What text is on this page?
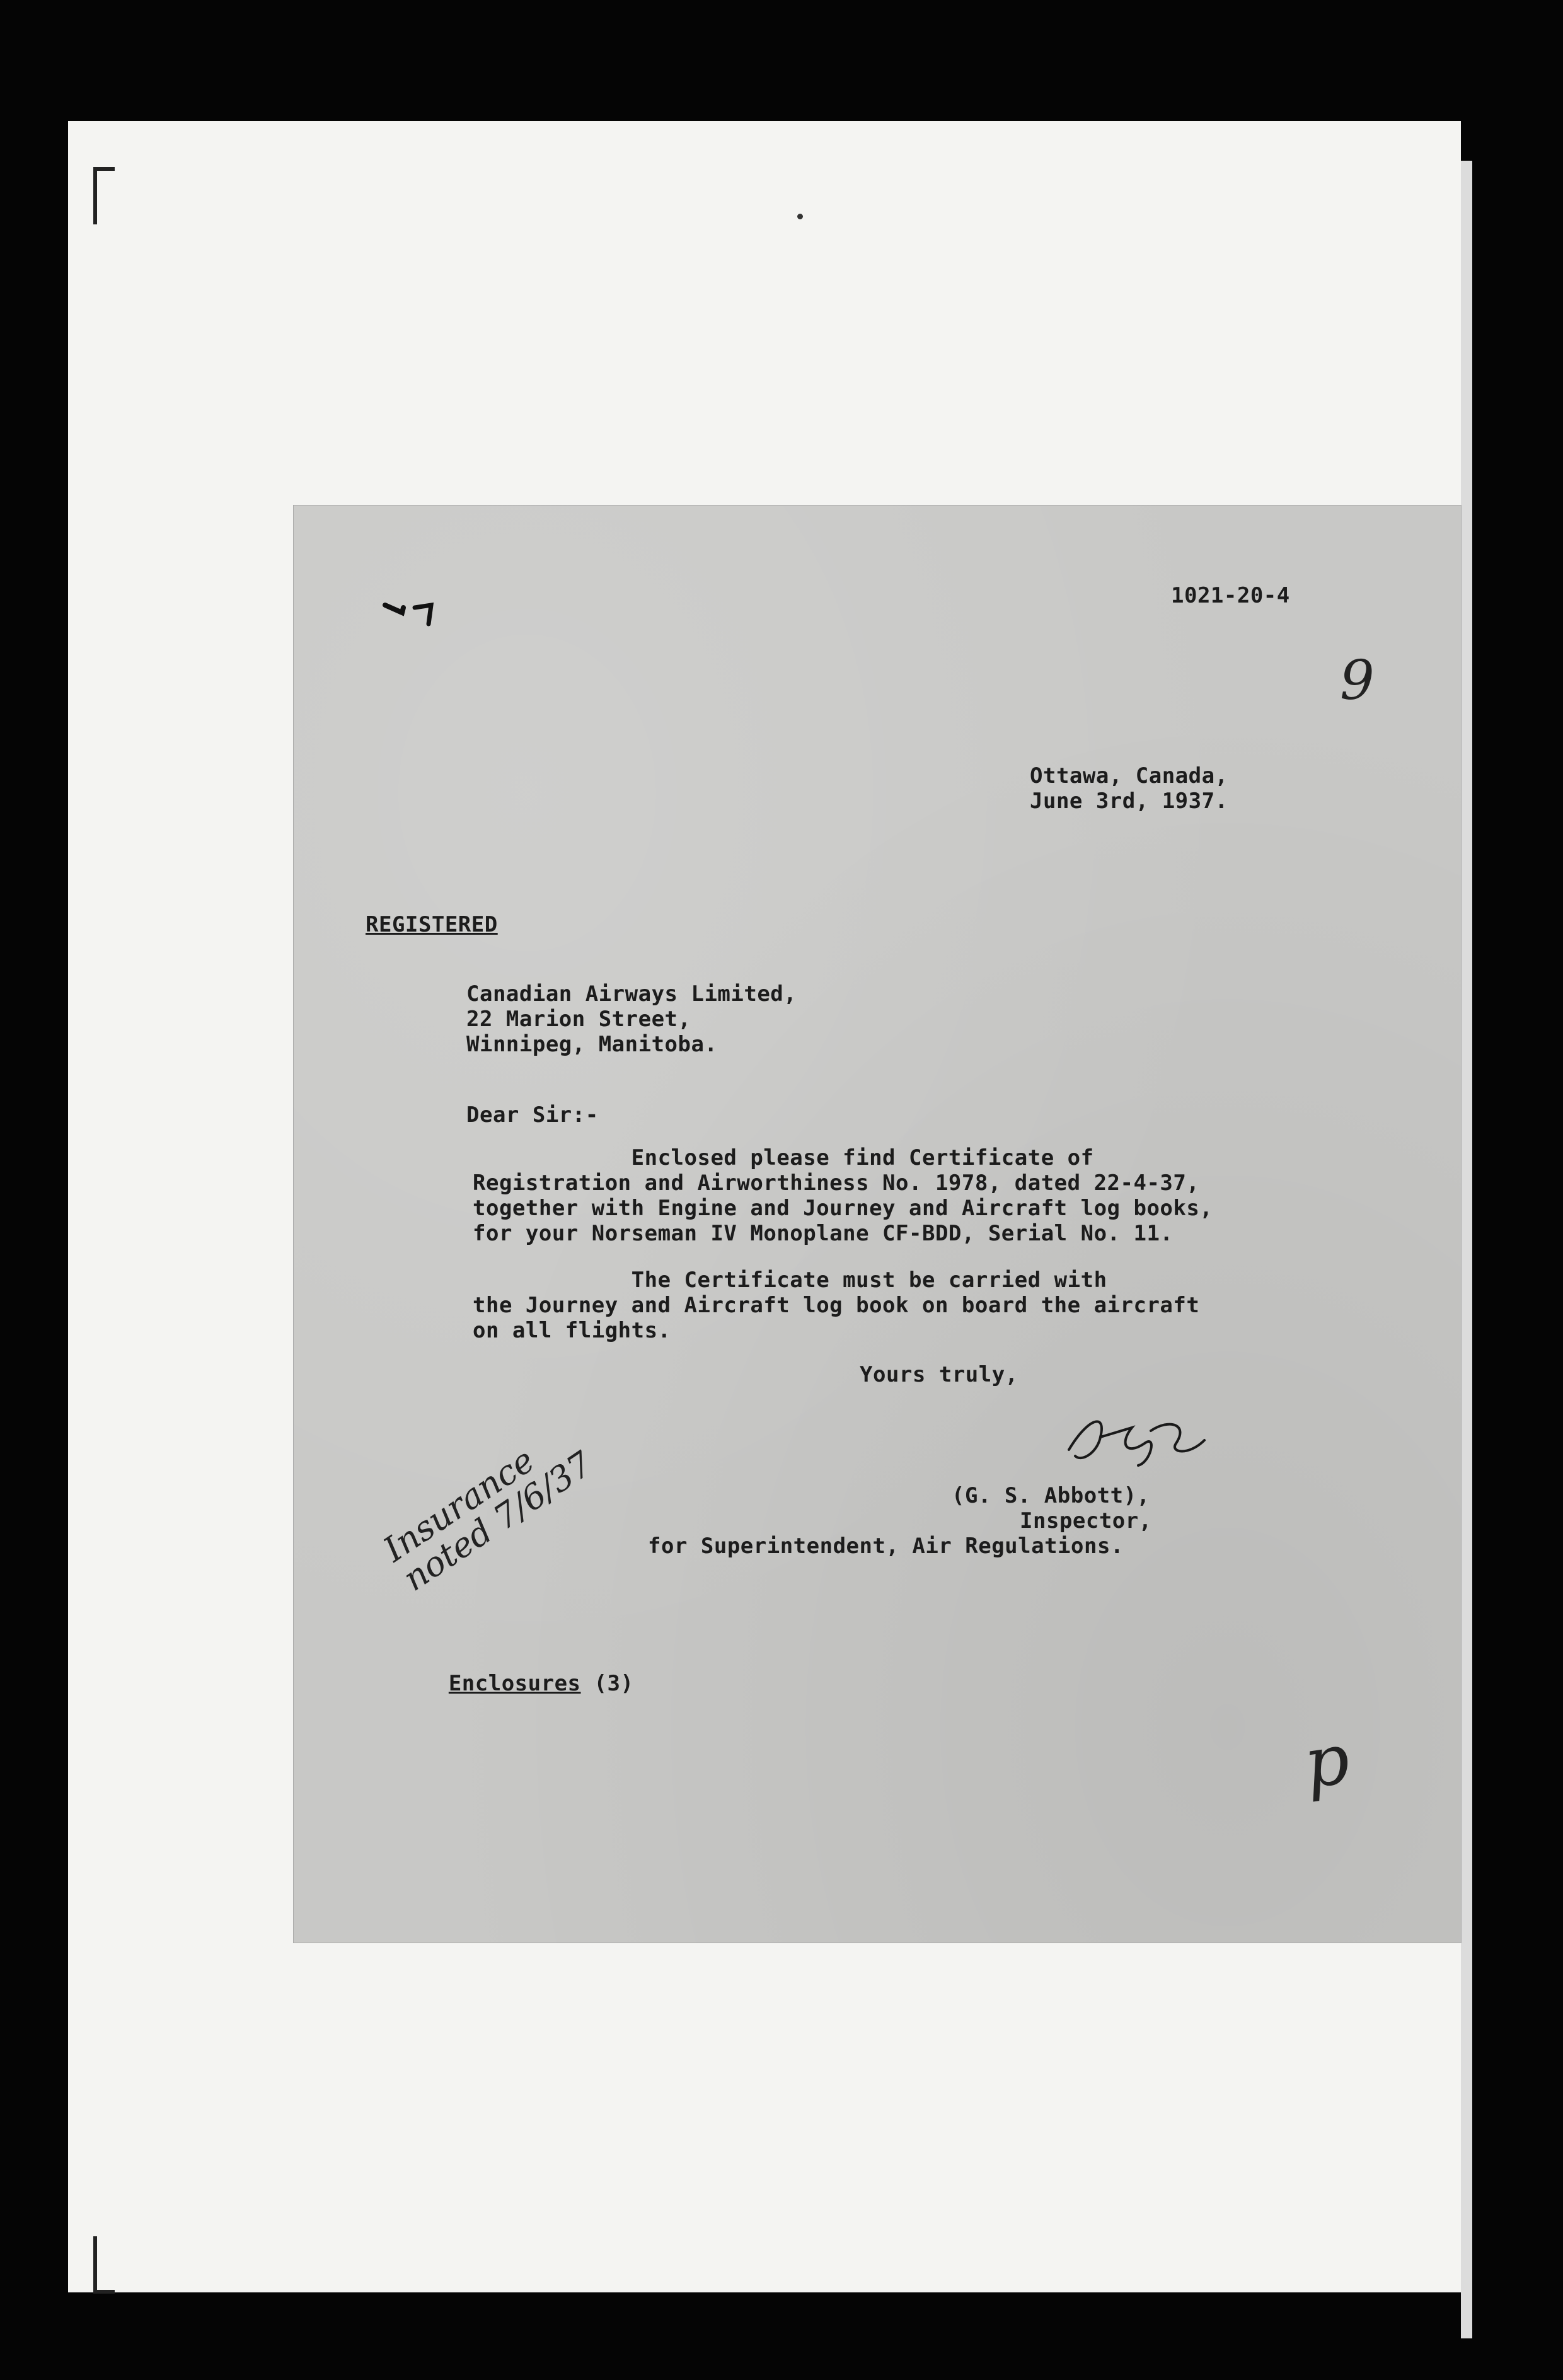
1021-20-4
9
Ottawa, Canada,
June 3rd, 1937.
REGISTERED
Canadian Airways Limited,
22 Marion Street,
Winnipeg, Manitoba.
Dear Sir:-
Enclosed please find Certificate of
Registration and Airworthiness No. 1978, dated 22-4-37,
together with Engine and Journey and Aircraft log books,
for your Norseman IV Monoplane CF-BDD, Serial No. 11.
The Certificate must be carried with
the Journey and Aircraft log book on board the aircraft
on all flights.
Yours truly,
(G. S. Abbott),
Inspector,
for Superintendent, Air Regulations.
Insurance noted 7/6/37

Enclosures (3)

p
